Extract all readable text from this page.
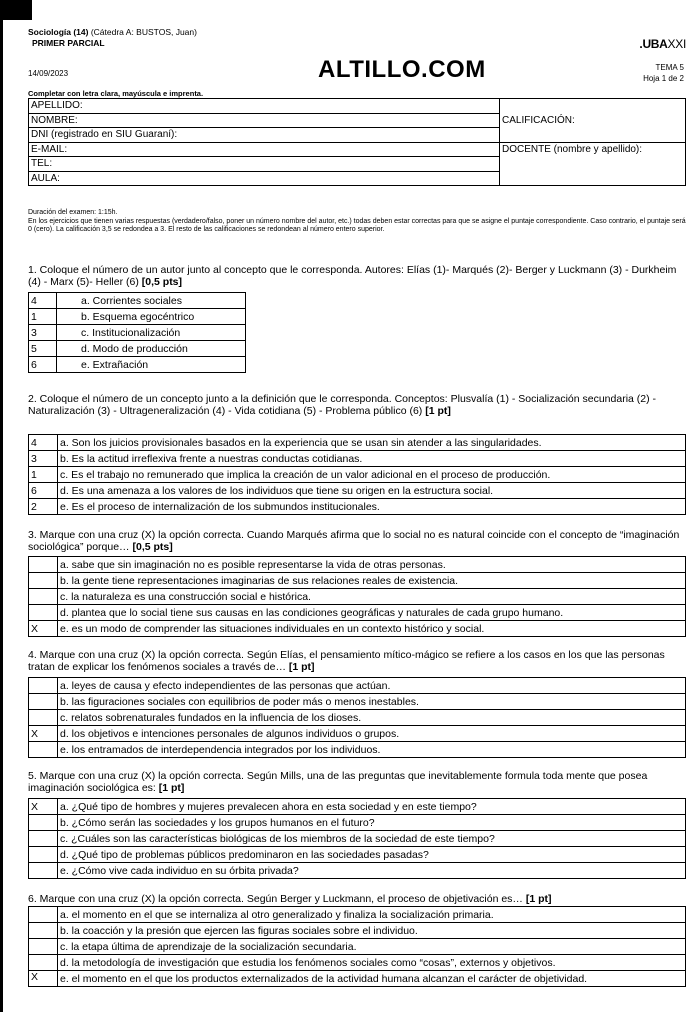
Sociología (14) (Cátedra A: BUSTOS, Juan)
PRIMER PARCIAL	.UBAXXI
14/09/2023	ALTILLO.COM	TEMA 5
Hoja 1 de 2
Completar con letra clara, mayúscula e imprenta.
APELLIDO:	CALIFICACIÓN:
NOMBRE:	
DNI (registrado en SIU Guaraní):	
E-MAIL:	DOCENTE (nombre y apellido):
TEL:	
AULA:	
Duración del examen: 1:15h.
En los ejercicios que tienen varias respuestas (verdadero/falso, poner un número nombre del autor, etc.) todas deben estar correctas para que se asigne el puntaje correspondiente. Caso contrario, el puntaje será 0 (cero). La calificación 3,5 se redondea a 3. El resto de las calificaciones se redondean al número entero superior.
1. Coloque el número de un autor junto al concepto que le corresponda. Autores: Elías (1)- Marqués (2)- Berger y Luckmann (3) - Durkheim (4) - Marx (5)- Heller (6) [0,5 pts]
4	a. Corrientes sociales
1	b. Esquema egocéntrico
3	c. Institucionalización
5	d. Modo de producción
6	e. Extrañación
2. Coloque el número de un concepto junto a la definición que le corresponda. Conceptos: Plusvalía (1) - Socialización secundaria (2) - Naturalización (3) - Ultrageneralización (4) - Vida cotidiana (5) - Problema público (6) [1 pt]
4	a. Son los juicios provisionales basados en la experiencia que se usan sin atender a las singularidades.
3	b. Es la actitud irreflexiva frente a nuestras conductas cotidianas.
1	c. Es el trabajo no remunerado que implica la creación de un valor adicional en el proceso de producción.
6	d. Es una amenaza a los valores de los individuos que tiene su origen en la estructura social.
2	e. Es el proceso de internalización de los submundos institucionales.
3. Marque con una cruz (X) la opción correcta. Cuando Marqués afirma que lo social no es natural coincide con el concepto de “imaginación sociológica” porque… [0,5 pts]
	a. sabe que sin imaginación no es posible representarse la vida de otras personas.
	b. la gente tiene representaciones imaginarias de sus relaciones reales de existencia.
	c. la naturaleza es una construcción social e histórica.
	d. plantea que lo social tiene sus causas en las condiciones geográficas y naturales de cada grupo humano.
X	e. es un modo de comprender las situaciones individuales en un contexto histórico y social.
4. Marque con una cruz (X) la opción correcta. Según Elías, el pensamiento mítico-mágico se refiere a los casos en los que las personas tratan de explicar los fenómenos sociales a través de… [1 pt]
	a. leyes de causa y efecto independientes de las personas que actúan.
	b. las figuraciones sociales con equilibrios de poder más o menos inestables.
	c. relatos sobrenaturales fundados en la influencia de los dioses.
X	d. los objetivos e intenciones personales de algunos individuos o grupos.
	e. los entramados de interdependencia integrados por los individuos.
5. Marque con una cruz (X) la opción correcta. Según Mills, una de las preguntas que inevitablemente formula toda mente que posea imaginación sociológica es: [1 pt]
X	a. ¿Qué tipo de hombres y mujeres prevalecen ahora en esta sociedad y en este tiempo?
	b. ¿Cómo serán las sociedades y los grupos humanos en el futuro?
	c. ¿Cuáles son las características biológicas de los miembros de la sociedad de este tiempo?
	d. ¿Qué tipo de problemas públicos predominaron en las sociedades pasadas?
	e. ¿Cómo vive cada individuo en su órbita privada?
6. Marque con una cruz (X) la opción correcta. Según Berger y Luckmann, el proceso de objetivación es… [1 pt]
	a. el momento en el que se internaliza al otro generalizado y finaliza la socialización primaria.
	b. la coacción y la presión que ejercen las figuras sociales sobre el individuo.
	c. la etapa última de aprendizaje de la socialización secundaria.
	d. la metodología de investigación que estudia los fenómenos sociales como “cosas”, externos y objetivos.
X	e. el momento en el que los productos externalizados de la actividad humana alcanzan el carácter de objetividad.
